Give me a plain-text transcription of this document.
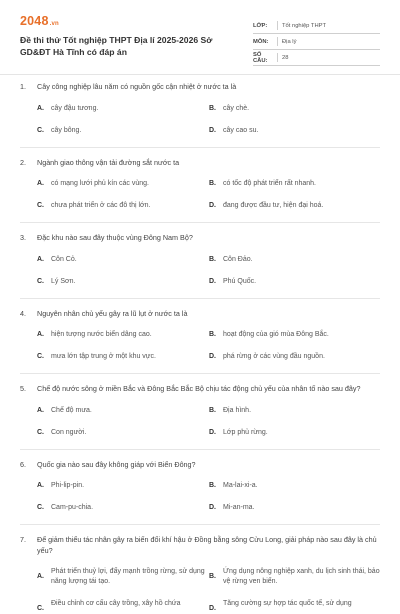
2048.vn
Đề thi thử Tốt nghiệp THPT Địa lí 2025-2026 Sở GD&ĐT Hà Tĩnh có đáp án
LỚP:	Tốt nghiệp THPT
MÔN:	Địa lý
SỐ CÂU:	28
1. Cây công nghiệp lâu năm có nguồn gốc cận nhiệt ở nước ta là
A. cây đậu tương.	B. cây chè.
C. cây bông.	D. cây cao su.
2. Ngành giao thông vận tải đường sắt nước ta
A. có mạng lưới phủ kín các vùng.	B. có tốc độ phát triển rất nhanh.
C. chưa phát triển ở các đô thị lớn.	D. đang được đầu tư, hiện đại hoá.
3. Đặc khu nào sau đây thuộc vùng Đông Nam Bộ?
A. Côn Cỏ.	B. Côn Đảo.
C. Lý Sơn.	D. Phú Quốc.
4. Nguyên nhân chủ yếu gây ra lũ lụt ở nước ta là
A. hiện tượng nước biển dâng cao.	B. hoạt động của gió mùa Đông Bắc.
C. mưa lớn tập trung ở một khu vực.	D. phá rừng ở các vùng đầu nguồn.
5. Chế độ nước sông ở miền Bắc và Đông Bắc Bắc Bộ chịu tác động chủ yếu của nhân tố nào sau đây?
A. Chế độ mưa.	B. Địa hình.
C. Con người.	D. Lớp phủ rừng.
6. Quốc gia nào sau đây không giáp với Biển Đông?
A. Phi-lip-pin.	B. Ma-lai-xi-a.
C. Cam-pu-chia.	D. Mi-an-ma.
7. Để giảm thiểu tác nhân gây ra biến đổi khí hậu ở Đồng bằng sông Cửu Long, giải pháp nào sau đây là chủ yếu?
A.
Phát triển thuỷ lợi, đẩy mạnh trồng rừng, sử dụng năng lượng tái tạo.
B.
Ứng dụng nông nghiệp xanh, du lịch sinh thái, bảo vệ rừng ven biển.
C.
Điều chỉnh cơ cấu cây trồng, xây hồ chứa
D.
Tăng cường sự hợp tác quốc tế, sử dụng
